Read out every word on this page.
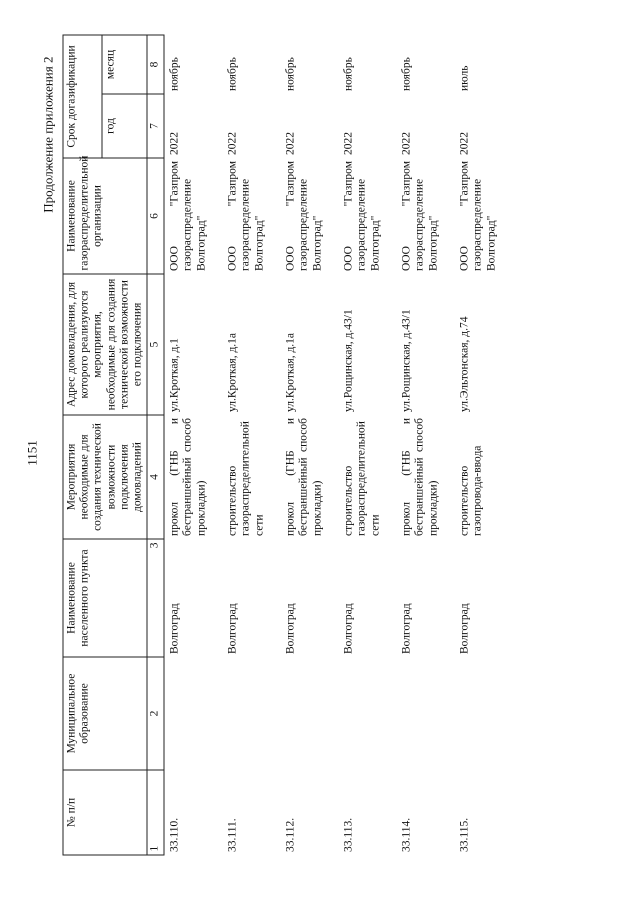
1151
Продолжение приложения 2
№ п/п	Муниципальное образование	Наименование населенного пункта	Мероприятия необходимые для создания технической возможности подключения домовладений	Адрес домовладения, для которого реализуются мероприятия, необходимые для создания технической возможности его подключения	Наименование газораспределительной организации	Срок догазификации	
						год	месяц
1	2	3	4	5	6	7	8
33.110.		Волгоград	прокол (ГНБ и бестраншейный способ прокладки)	ул.Кроткая, д.1	ООО "Газпром газораспределение Волгоград"	2022	ноябрь
33.111.		Волгоград	строительство газораспределительной сети	ул.Кроткая, д.1а	ООО "Газпром газораспределение Волгоград"	2022	ноябрь
33.112.		Волгоград	прокол (ГНБ и бестраншейный способ прокладки)	ул.Кроткая, д.1а	ООО "Газпром газораспределение Волгоград"	2022	ноябрь
33.113.		Волгоград	строительство газораспределительной сети	ул.Рощинская, д.43/1	ООО "Газпром газораспределение Волгоград"	2022	ноябрь
33.114.		Волгоград	прокол (ГНБ и бестраншейный способ прокладки)	ул.Рощинская, д.43/1	ООО "Газпром газораспределение Волгоград"	2022	ноябрь
33.115.		Волгоград	строительство газопровода-ввода	ул.Эльтонская, д.74	ООО "Газпром газораспределение Волгоград"	2022	июль
